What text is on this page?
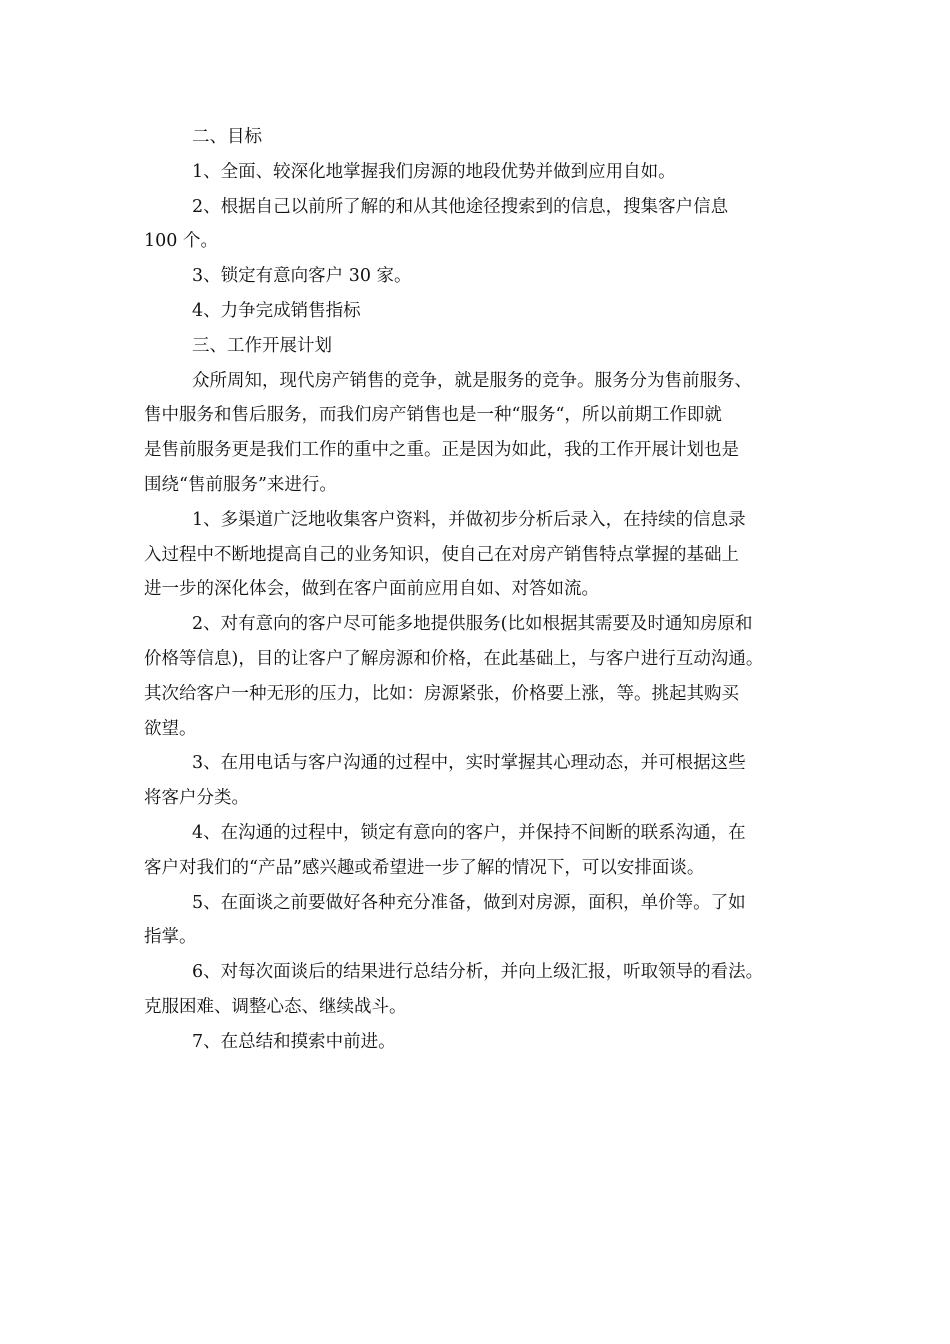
二、目标
1、全面、较深化地掌握我们房源的地段优势并做到应用自如。
2、根据自己以前所了解的和从其他途径搜索到的信息，搜集客户信息
100 个。
3、锁定有意向客户 30 家。
4、力争完成销售指标
三、工作开展计划
众所周知，现代房产销售的竞争，就是服务的竞争。服务分为售前服务、
售中服务和售后服务，而我们房产销售也是一种“服务“，所以前期工作即就
是售前服务更是我们工作的重中之重。正是因为如此，我的工作开展计划也是
围绕“售前服务”来进行。
1、多渠道广泛地收集客户资料，并做初步分析后录入，在持续的信息录
入过程中不断地提高自己的业务知识，使自己在对房产销售特点掌握的基础上
进一步的深化体会，做到在客户面前应用自如、对答如流。
2、对有意向的客户尽可能多地提供服务(比如根据其需要及时通知房原和
价格等信息)，目的让客户了解房源和价格，在此基础上，与客户进行互动沟通。
其次给客户一种无形的压力，比如：房源紧张，价格要上涨，等。挑起其购买
欲望。
3、在用电话与客户沟通的过程中，实时掌握其心理动态，并可根据这些
将客户分类。
4、在沟通的过程中，锁定有意向的客户，并保持不间断的联系沟通，在
客户对我们的“产品”感兴趣或希望进一步了解的情况下，可以安排面谈。
5、在面谈之前要做好各种充分准备，做到对房源，面积，单价等。了如
指掌。
6、对每次面谈后的结果进行总结分析，并向上级汇报，听取领导的看法。
克服困难、调整心态、继续战斗。
7、在总结和摸索中前进。
